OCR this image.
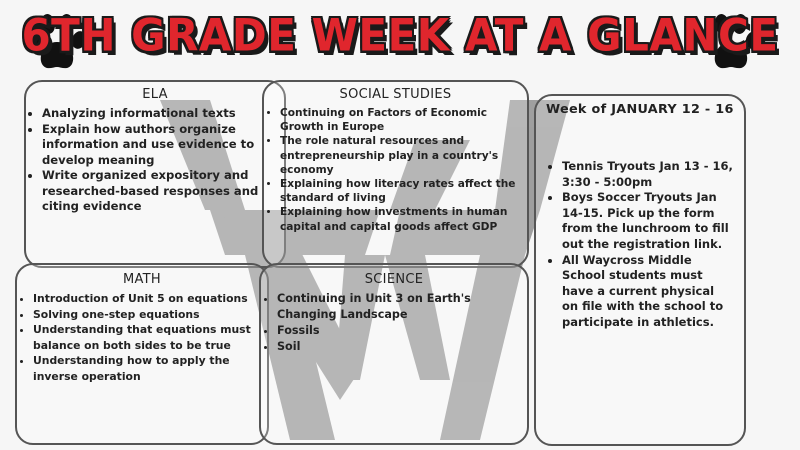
6TH GRADE WEEK AT A GLANCE
ELA
• Analyzing informational texts
• Explain how authors organize information and use evidence to develop meaning
• Write organized expository and researched-based responses and citing evidence
SOCIAL STUDIES
• Continuing on Factors of Economic Growth in Europe
• The role natural resources and entrepreneurship play in a country's economy
• Explaining how literacy rates affect the standard of living
• Explaining how investments in human capital and capital goods affect GDP
MATH
• Introduction of Unit 5 on equations
• Solving one-step equations
• Understanding that equations must balance on both sides to be true
• Understanding how to apply the inverse operation
SCIENCE
• Continuing in Unit 3 on Earth's Changing Landscape
• Fossils
• Soil
Week of JANUARY 12 - 16
• Tennis Tryouts Jan 13 - 16, 3:30 - 5:00pm
• Boys Soccer Tryouts Jan 14-15. Pick up the form from the lunchroom to fill out the registration link.
• All Waycross Middle School students must have a current physical on file with the school to participate in athletics.
